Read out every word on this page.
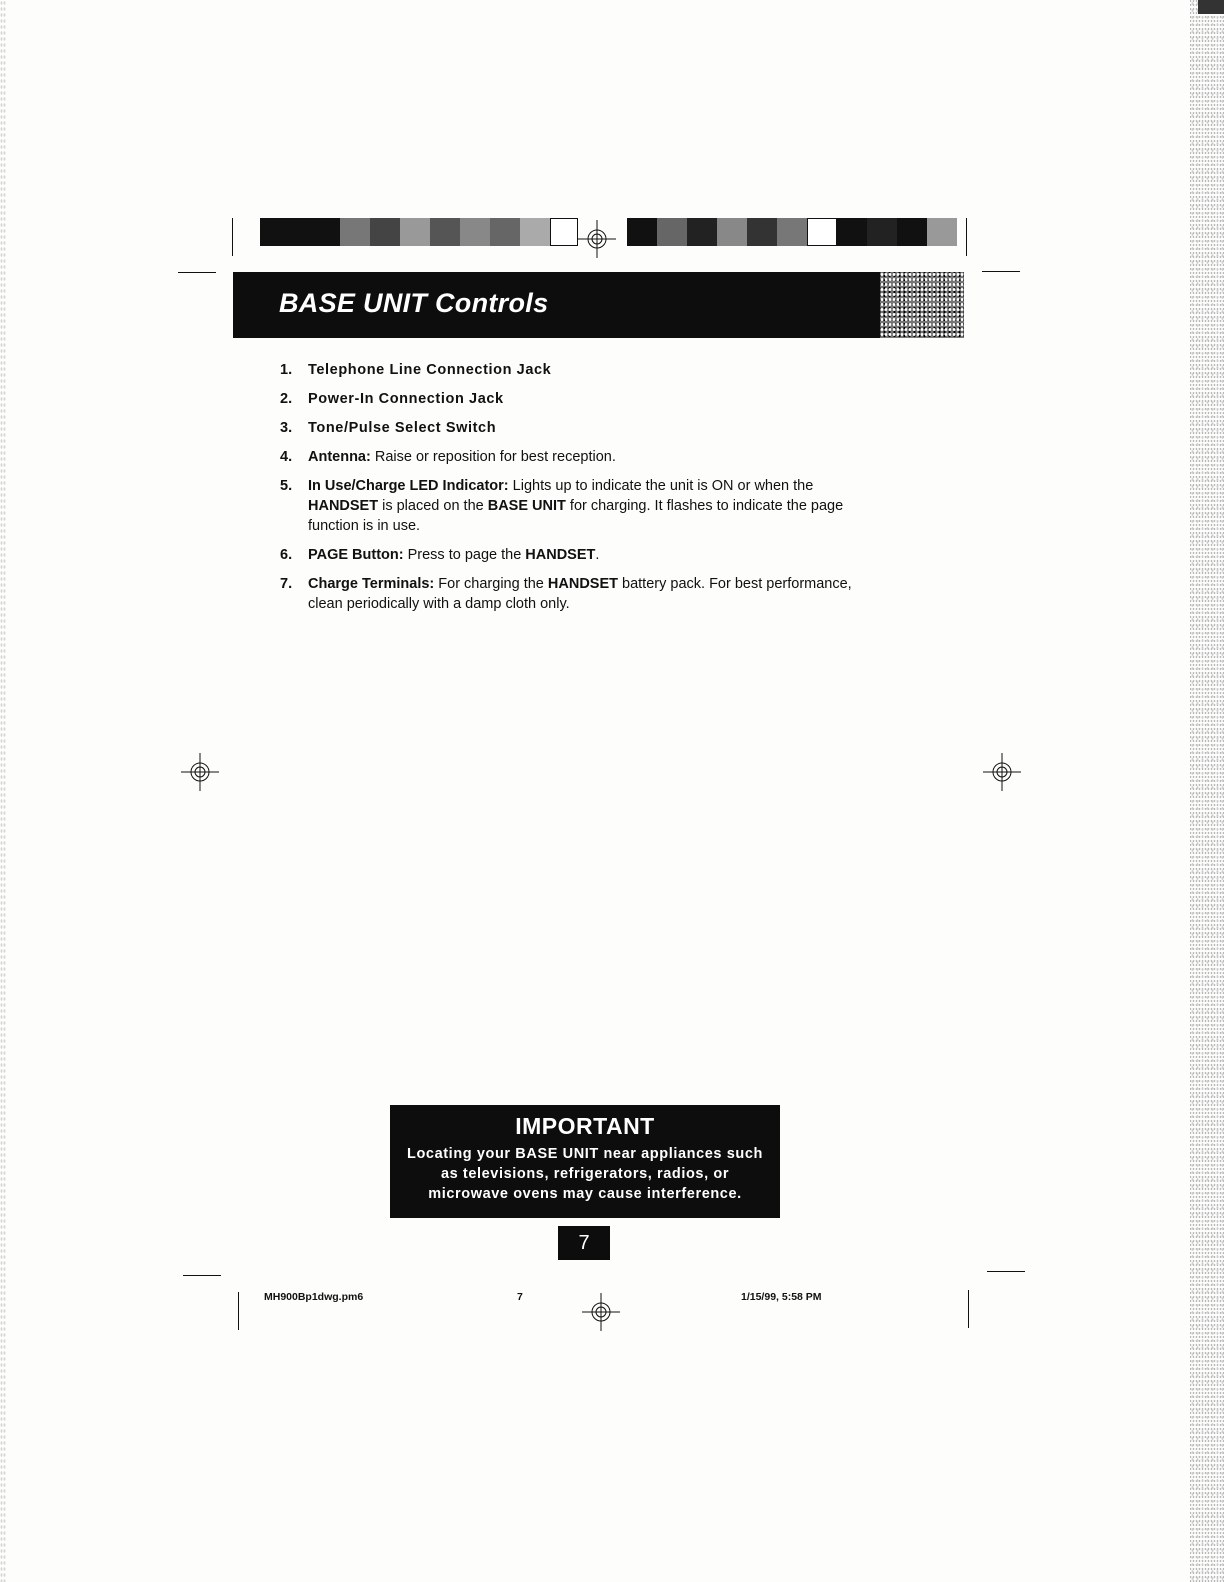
BASE UNIT Controls
1. Telephone Line Connection Jack
2. Power-In Connection Jack
3. Tone/Pulse Select Switch
4. Antenna: Raise or reposition for best reception.
5. In Use/Charge LED Indicator: Lights up to indicate the unit is ON or when the HANDSET is placed on the BASE UNIT for charging. It flashes to indicate the page function is in use.
6. PAGE Button: Press to page the HANDSET.
7. Charge Terminals: For charging the HANDSET battery pack. For best performance, clean periodically with a damp cloth only.
IMPORTANT
Locating your BASE UNIT near appliances such as televisions, refrigerators, radios, or microwave ovens may cause interference.
7
MH900Bp1dwg.pm6	7	1/15/99, 5:58 PM
